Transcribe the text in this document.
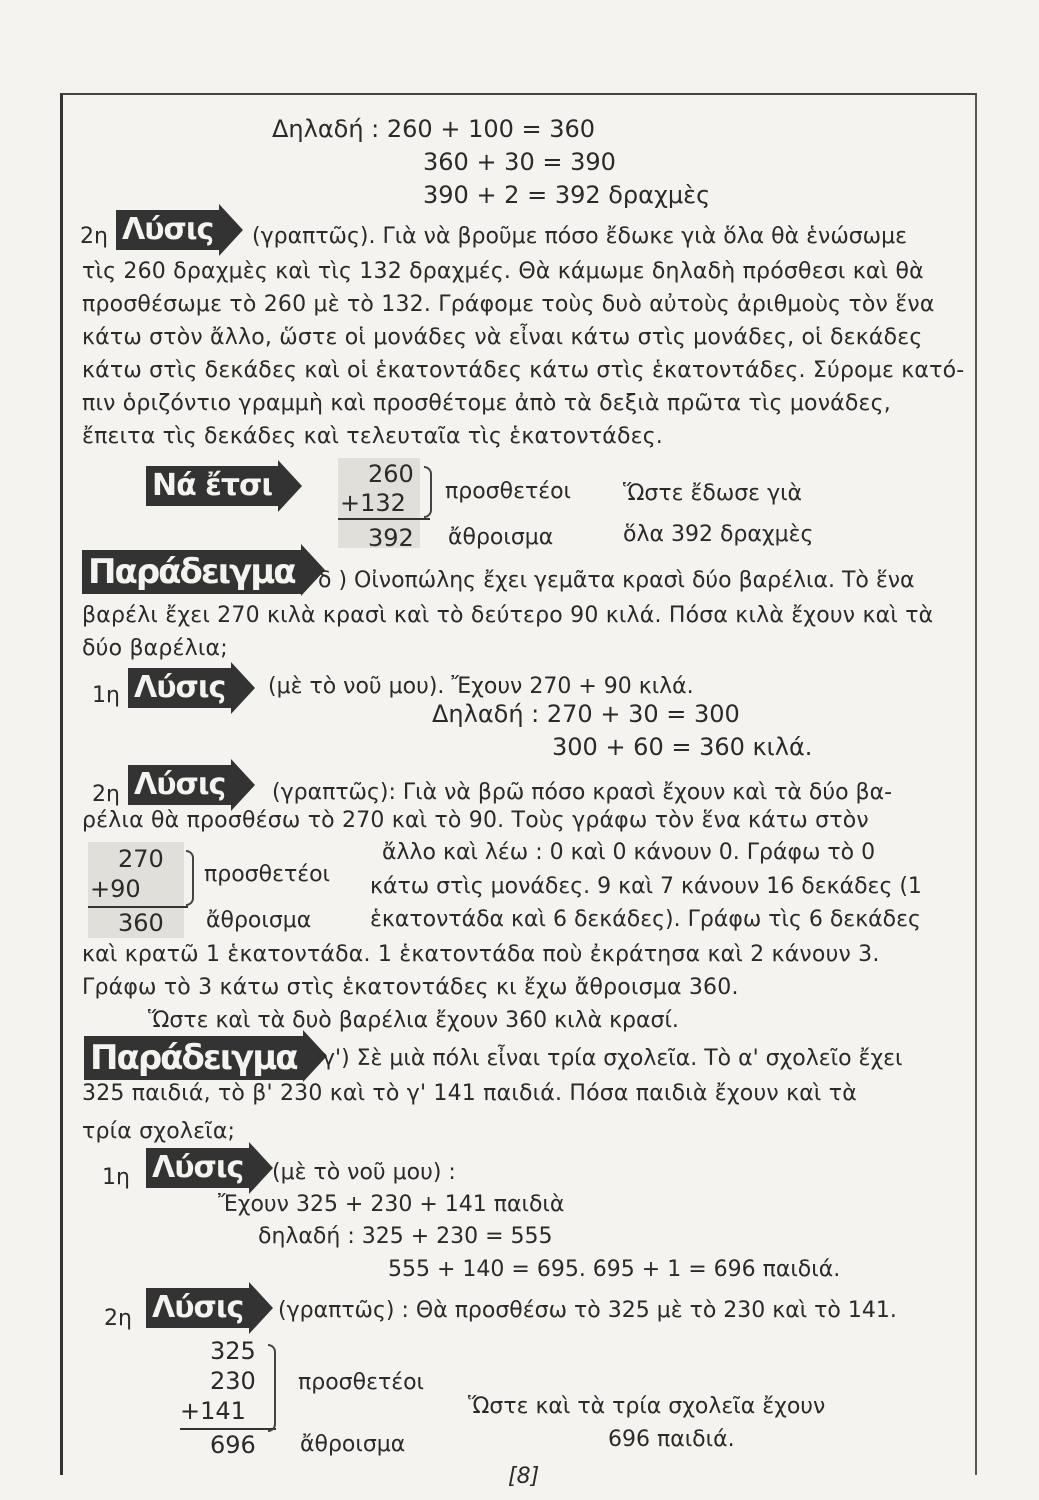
Δηλαδή : 260 + 100 = 360
360 + 30 = 390
390 + 2 = 392 δραχμὲς
2η Λύσις (γραπτῶς). Γιὰ νὰ βροῦμε πόσο ἔδωκε γιὰ ὅλα θὰ ἑνώσωμε
τὶς 260 δραχμὲς καὶ τὶς 132 δραχμές. Θὰ κάμωμε δηλαδὴ πρόσθεσι καὶ θὰ
προσθέσωμε τὸ 260 μὲ τὸ 132. Γράφομε τοὺς δυὸ αὐτοὺς ἀριθμοὺς τὸν ἕνα
κάτω στὸν ἄλλο, ὥστε οἱ μονάδες νὰ εἶναι κάτω στὶς μονάδες, οἱ δεκάδες
κάτω στὶς δεκάδες καὶ οἱ ἑκατοντάδες κάτω στὶς ἑκατοντάδες. Σύρομε κατό-
πιν ὁριζόντιο γραμμὴ καὶ προσθέτομε ἀπὸ τὰ δεξιὰ πρῶτα τὶς μονάδες,
ἔπειτα τὶς δεκάδες καὶ τελευταῖα τὶς ἑκατοντάδες.
Νά ἔτσι	260
+132
392
προσθετέοι
ἄθροισμα
Ὥστε ἔδωσε γιὰ
ὅλα 392 δραχμὲς
Παράδειγμα δ ) Οἰνοπώλης ἔχει γεμᾶτα κρασὶ δύο βαρέλια. Τὸ ἕνα
βαρέλι ἔχει 270 κιλὰ κρασὶ καὶ τὸ δεύτερο 90 κιλά. Πόσα κιλὰ ἔχουν καὶ τὰ
δύο βαρέλια;
1η Λύσις (μὲ τὸ νοῦ μου). Ἔχουν 270 + 90 κιλά.
Δηλαδή : 270 + 30 = 300
300 + 60 = 360 κιλά.
2η Λύσις (γραπτῶς): Γιὰ νὰ βρῶ πόσο κρασὶ ἔχουν καὶ τὰ δύο βα-
ρέλια θὰ προσθέσω τὸ 270 καὶ τὸ 90. Τοὺς γράφω τὸν ἕνα κάτω στὸν
270
+90
360
προσθετέοι
ἄθροισμα
ἄλλο καὶ λέω : 0 καὶ 0 κάνουν 0. Γράφω τὸ 0
κάτω στὶς μονάδες. 9 καὶ 7 κάνουν 16 δεκάδες (1
ἑκατοντάδα καὶ 6 δεκάδες). Γράφω τὶς 6 δεκάδες
καὶ κρατῶ 1 ἑκατοντάδα. 1 ἑκατοντάδα ποὺ ἐκράτησα καὶ 2 κάνουν 3.
Γράφω τὸ 3 κάτω στὶς ἑκατοντάδες κι ἔχω ἄθροισμα 360.
Ὥστε καὶ τὰ δυὸ βαρέλια ἔχουν 360 κιλὰ κρασί.
Παράδειγμα γ') Σὲ μιὰ πόλι εἶναι τρία σχολεῖα. Τὸ α' σχολεῖο ἔχει
325 παιδιά, τὸ β' 230 καὶ τὸ γ' 141 παιδιά. Πόσα παιδιὰ ἔχουν καὶ τὰ
τρία σχολεῖα;
1η Λύσις (μὲ τὸ νοῦ μου) :
Ἔχουν 325 + 230 + 141 παιδιὰ
δηλαδή : 325 + 230 = 555
555 + 140 = 695. 695 + 1 = 696 παιδιά.
2η Λύσις (γραπτῶς) : Θὰ προσθέσω τὸ 325 μὲ τὸ 230 καὶ τὸ 141.
325
230
+141
696
προσθετέοι
ἄθροισμα
Ὥστε καὶ τὰ τρία σχολεῖα ἔχουν
696 παιδιά.
[8]
